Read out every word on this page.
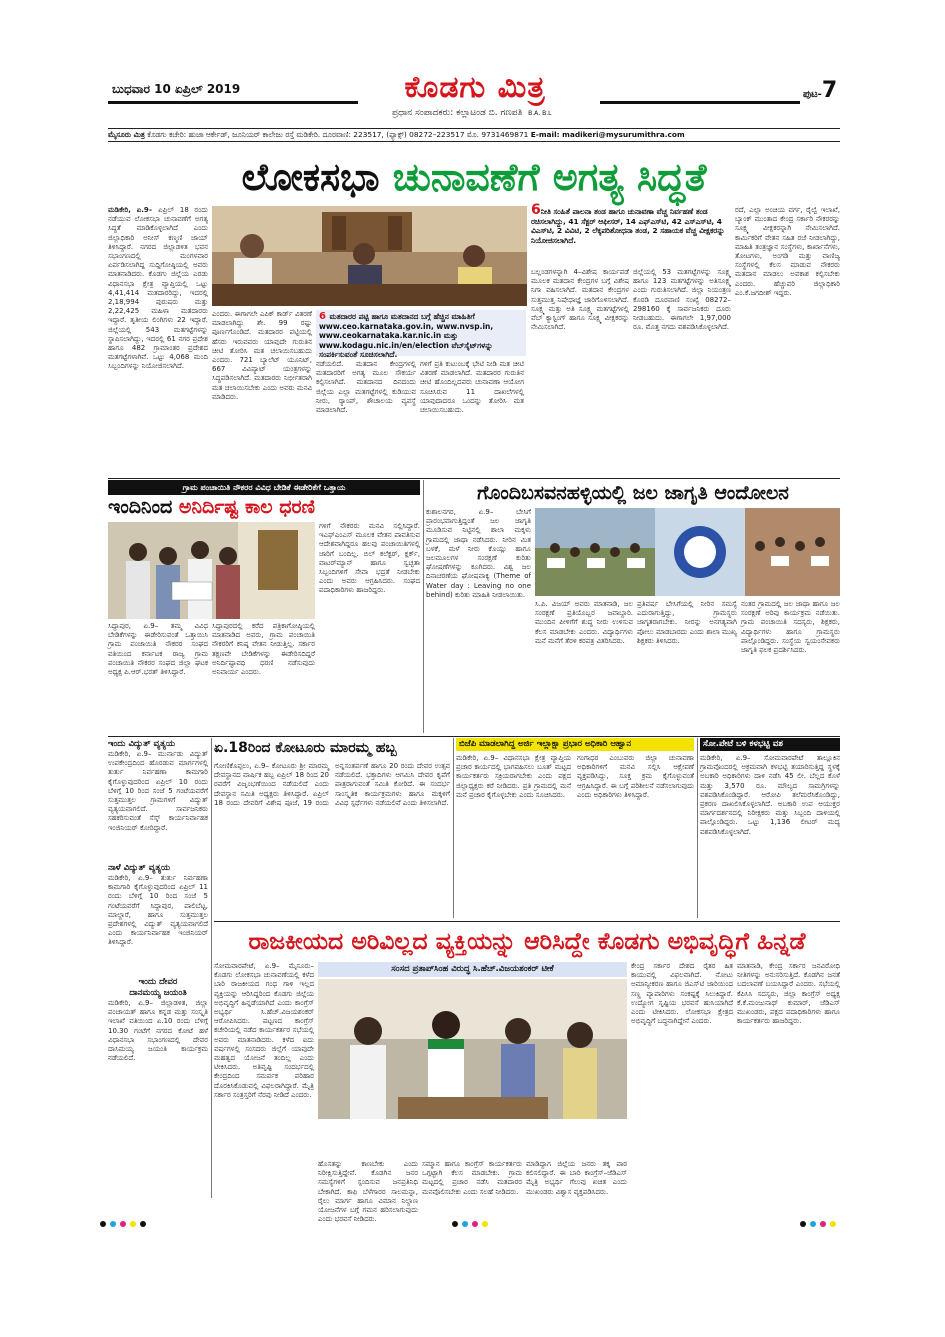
ಬುಧವಾರ 10 ಏಪ್ರಿಲ್ 2019	ಕೊಡಗು ಮಿತ್ರ
ಪ್ರಧಾನ ಸಂಪಾದಕರು: ಕಲ್ಲಾಟಂಡ ಬಿ. ಗಣಪತಿ B.A, B.L
ಪುಟ-7
ಮೈಸೂರು ಮಿತ್ರ ಕೊಡಗು ಕಚೇರಿ: ಹುಜಾ ಆರ್ಕೇಡ್, ಜೂನಿಯರ್ ಕಾಲೇಜು ರಸ್ತೆ ಮಡಿಕೇರಿ. ದೂರವಾಣಿ: 223517, (ಫ್ಯಾಕ್ಸ್) 08272–223517 ಮೊ. 9731469871 E-mail: madikeri@mysurumithra.com
ಲೋಕಸಭಾ ಚುನಾವಣೆಗೆ ಅಗತ್ಯ ಸಿದ್ಧತೆ
ಮಡಿಕೇರಿ, ಏ.9– ಏಪ್ರಿಲ್ 18 ರಂದು ನಡೆಯುವ ಲೋಕಸಭಾ ಚುನಾವಣೆಗೆ ಅಗತ್ಯ ಸಿದ್ಧತೆ ಮಾಡಿಕೊಳ್ಳಲಾಗಿದೆ ಎಂದು ಜಿಲ್ಲಾಧಿಕಾರಿ ಅನೀಸ್ ಕಣ್ಮಣಿ ಜಾಯ್ ತಿಳಿಸಿದ್ದಾರೆ. ನಗರದ ಜಿಲ್ಲಾಡಳಿತ ಭವನ ಸಭಾಂಗಣದಲ್ಲಿ ಮಂಗಳವಾರ ಏರ್ಪಡಿಸಲಾಗಿದ್ದ ಸುದ್ದಿಗೋಷ್ಠಿಯಲ್ಲಿ ಅವರು ಮಾತನಾಡಿದರು. ಕೊಡಗು ಜಿಲ್ಲೆಯ ಎರಡು ವಿಧಾನಸಭಾ ಕ್ಷೇತ್ರ ವ್ಯಾಪ್ತಿಯಲ್ಲಿ ಒಟ್ಟು 4,41,414 ಮತದಾರರಿದ್ದು, ಇದರಲ್ಲಿ 2,18,994 ಪುರುಷರು ಮತ್ತು 2,22,425 ಮಹಿಳಾ ಮತದಾರರು ಇದ್ದಾರೆ. ತೃತೀಯ ಲಿಂಗಿಗಳು 22 ಇದ್ದಾರೆ. ಜಿಲ್ಲೆಯಲ್ಲಿ 543 ಮತಗಟ್ಟೆಗಳನ್ನು ಸ್ಥಾಪಿಸಲಾಗಿದ್ದು, ಇದರಲ್ಲಿ 61 ನಗರ ಪ್ರದೇಶ ಹಾಗೂ 482 ಗ್ರಾಮಾಂತರ ಪ್ರದೇಶದ ಮತಗಟ್ಟೆಗಳಾಗಿವೆ. ಒಟ್ಟು 4,068 ಮಂದಿ ಸಿಬ್ಬಂದಿಗಳನ್ನು ನಿಯೋಜಿಸಲಾಗಿದೆ.
ಎಂದರು. ಈಗಾಗಲೇ ಎಪಿಕ್ ಕಾರ್ಡ್ ವಿತರಣೆ ಮಾಡಲಾಗಿದ್ದು ಶೇ. 99 ರಷ್ಟು ಪೂರ್ಣಗೊಂಡಿದೆ. ಮತದಾರರ ಪಟ್ಟಿಯಲ್ಲಿ ಹೆಸರು ಇರುವವರು ಯಾವುದೇ ಗುರುತಿನ ಚೀಟಿ ತೋರಿಸಿ ಮತ ಚಲಾಯಿಸಬಹುದು ಎಂದರು. 721 ಬ್ಯಾಲೆಟ್ ಯೂನಿಟ್, 667 ವಿವಿಪ್ಯಾಟ್ ಯಂತ್ರಗಳನ್ನು ಸಿದ್ಧಪಡಿಸಲಾಗಿದೆ. ಮತದಾರರು ನಿರ್ಭೀತರಾಗಿ ಮತ ಚಲಾಯಿಸಬೇಕು ಎಂದು ಅವರು ಮನವಿ ಮಾಡಿದರು.
6 ಮತದಾರರ ಪಟ್ಟಿ ಹಾಗೂ ಮತದಾನದ ಬಗ್ಗೆ ಹೆಚ್ಚಿನ ಮಾಹಿತಿಗೆ www.ceo.karnataka.gov.in, www.nvsp.in, www.ceokarnataka.kar.nic.in ಮತ್ತು www.kodagu.nic.in/en/election ವೆಬ್‌ಸೈಟ್‌ಗಳನ್ನು ಸಂಪರ್ಕಿಸುವಂತೆ ಸೂಚಿಸಲಾಗಿದೆ.
ನಡೆಯಲಿದೆ. ಮತದಾನ ಕೇಂದ್ರಗಳಲ್ಲಿ ಮತದಾರರಿಗೆ ಅಗತ್ಯ ಮೂಲ ಸೌಕರ್ಯ ಕಲ್ಪಿಸಲಾಗಿದೆ. ಮತದಾನದ ದಿನದಂದು ಜಿಲ್ಲೆಯ ಎಲ್ಲಾ ಮತಗಟ್ಟೆಗಳಲ್ಲಿ ಕುಡಿಯುವ ನೀರು, ರ‍್ಯಾಂಪ್, ಶೌಚಾಲಯ ವ್ಯವಸ್ಥೆ ಮಾಡಲಾಗಿದೆ.
ಗಳಿಗೆ ಪ್ರತಿ ಕುಟುಂಬಕ್ಕೆ ಭೇಟಿ ನೀಡಿ ಮತ ಚೀಟಿ ವಿತರಣೆ ಮಾಡಲಾಗಿದೆ. ಮತದಾರರ ಗುರುತಿನ ಚೀಟಿ ಹೊಂದಿಲ್ಲದವರು ಚುನಾವಣಾ ಆಯೋಗ ಸೂಚಿಸಿರುವ 11 ದಾಖಲೆಗಳಲ್ಲಿ ಯಾವುದಾದರೂ ಒಂದನ್ನು ತೋರಿಸಿ ಮತ ಚಲಾಯಿಸಬಹುದು.
6ನೀತಿ ಸಂಹಿತೆ ಪಾಲನಾ ತಂಡ ಹಾಗೂ ಚುನಾವಣಾ ವೆಚ್ಚ ನಿರ್ವಹಣೆ ತಂಡ ರಚಿಸಲಾಗಿದ್ದು, 41 ಸೆಕ್ಟರ್ ಆಫೀಸರ್, 14 ಎಫ್‌ಎಸ್‌ಟಿ, 42 ಎಸ್‌ಎಸ್‌ಟಿ, 4 ವಿಎಸ್‌ಟಿ, 2 ವಿವಿಟಿ, 2 ಲೆಕ್ಕಪರಿಶೋಧನಾ ತಂಡ, 2 ಸಹಾಯಕ ವೆಚ್ಚ ವೀಕ್ಷಕರನ್ನು ನಿಯೋಜಿಸಲಾಗಿದೆ.
ಬಲ್ಲಂಡಗಳನ್ನಾಗಿ 4–ವಿಶೇಷ ಕಾರ್ಯಪಡೆ ಮೂಲಕ ಮತದಾನ ಕೇಂದ್ರಗಳ ಬಗ್ಗೆ ವಿಶೇಷ ನಿಗಾ ವಹಿಸಲಾಗಿದೆ. ಮತದಾನ ಕೇಂದ್ರಗಳ ಸುತ್ತಮುತ್ತ ನಿಷೇಧಾಜ್ಞೆ ಜಾರಿಗೊಳಿಸಲಾಗಿದೆ. ಸೂಕ್ಷ್ಮ ಮತ್ತು ಅತಿ ಸೂಕ್ಷ್ಮ ಮತಗಟ್ಟೆಗಳಲ್ಲಿ ವೆಬ್ ಕ್ಯಾಸ್ಟಿಂಗ್ ಹಾಗೂ ಸೂಕ್ಷ್ಮ ವೀಕ್ಷಕರನ್ನು ನೇಮಿಸಲಾಗಿದೆ.
ಜಿಲ್ಲೆಯಲ್ಲಿ 53 ಮತಗಟ್ಟೆಗಳನ್ನು ಸೂಕ್ಷ್ಮ ಹಾಗೂ 123 ಮತಗಟ್ಟೆಗಳನ್ನು ಅತಿಸೂಕ್ಷ್ಮ ಎಂದು ಗುರುತಿಸಲಾಗಿದೆ. ಜಿಲ್ಲಾ ನಿಯಂತ್ರಣ ಕೊಠಡಿ ದೂರವಾಣಿ ಸಂಖ್ಯೆ 08272–298160 ಕ್ಕೆ ಸಾರ್ವಜನಿಕರು ದೂರು ನೀಡಬಹುದು. ಈಗಾಗಲೇ 1,97,000 ರೂ. ಮೊತ್ತ ನಗದು ವಶಪಡಿಸಿಕೊಳ್ಳಲಾಗಿದೆ.
ರದೆ, ಎಲ್ಲಾ ಅಂಚಿಯ ವರ್ಗ, ರೈಲ್ವೆ ಇಲಾಖೆ, ಬ್ಯಾಂಕ್ ಮುಂತಾದ ಕೇಂದ್ರ ಸರ್ಕಾರಿ ನೌಕರರನ್ನು ಸೂಕ್ಷ್ಮ ವೀಕ್ಷಕರನ್ನಾಗಿ ನೇಮಿಸಲಾಗಿದೆ. ಕಾರ್ಮಿಕರಿಗೆ ವೇತನ ಸಹಿತ ರಜೆ ನೀಡಲಾಗಿದ್ದು, ಮಾಹಿತಿ ತಂತ್ರಜ್ಞಾನ ಸಂಸ್ಥೆಗಳು, ಕಾರ್ಖಾನೆಗಳು, ತೋಟಗಳು, ಅಂಗಡಿ ಮತ್ತು ವಾಣಿಜ್ಯ ಸಂಸ್ಥೆಗಳಲ್ಲಿ ಕೆಲಸ ಮಾಡುವ ನೌಕರರು ಮತದಾನ ಮಾಡಲು ಅವಕಾಶ ಕಲ್ಪಿಸಬೇಕು ಎಂದರು. ಹೆಚ್ಚುವರಿ ಜಿಲ್ಲಾಧಿಕಾರಿ ಎಂ.ಕೆ.ಜಗದೀಶ್ ಇದ್ದರು.
ಗ್ರಾಮ ಪಂಚಾಯಿತಿ ನೌಕರರ ವಿವಿಧ ಬೇಡಿಕೆ ಈಡೇರಿಕೆಗೆ ಒತ್ತಾಯ
ಇಂದಿನಿಂದ ಅನಿರ್ದಿಷ್ಟ ಕಾಲ ಧರಣಿ
ಸಿದ್ದಾಪುರ, ಏ.9– ತಮ್ಮ ವಿವಿಧ ಬೇಡಿಕೆಗಳನ್ನು ಈಡೇರಿಸುವಂತೆ ಒತ್ತಾಯಿಸಿ ಗ್ರಾಮ ಪಂಚಾಯಿತಿ ನೌಕರರ ಸಂಘದ ವತಿಯಿಂದ ಕರ್ನಾಟಕ ರಾಜ್ಯ ಗ್ರಾಮ ಪಂಚಾಯಿತಿ ನೌಕರರ ಸಂಘದ ಜಿಲ್ಲಾ ಘಟಕ ಅಧ್ಯಕ್ಷ ಪಿ.ಆರ್.ಭರತ್ ತಿಳಿಸಿದ್ದಾರೆ.
ಸಿದ್ದಾಪುರದಲ್ಲಿ ಕರೆದ ಪತ್ರಿಕಾಗೋಷ್ಠಿಯಲ್ಲಿ ಮಾತನಾಡಿದ ಅವರು, ಗ್ರಾಮ ಪಂಚಾಯಿತಿ ನೌಕರರಿಗೆ ಕನಿಷ್ಠ ವೇತನ ನೀಡುತ್ತಿಲ್ಲ. ಸರ್ಕಾರ ತಕ್ಷಣವೇ ಬೇಡಿಕೆಗಳನ್ನು ಈಡೇರಿಸದಿದ್ದರೆ ಅನಿರ್ದಿಷ್ಟಾವಧಿ ಧರಣಿ ನಡೆಸುವುದು ಅನಿವಾರ್ಯ ಎಂದರು.
ಗಳಿಗೆ ನೌಕರರು ಮನವಿ ಸಲ್ಲಿಸಿದ್ದಾರೆ. ಇಎಫ್‌ಎಂಎಸ್ ಮೂಲಕ ವೇತನ ಪಾವತಿಸುವ ಆದೇಶವಾಗಿದ್ದರೂ ಹಲವು ಪಂಚಾಯಿತಿಗಳಲ್ಲಿ ಜಾರಿಗೆ ಬಂದಿಲ್ಲ. ಬಿಲ್ ಕಲೆಕ್ಟರ್, ಕ್ಲರ್ಕ್, ವಾಟರ್‌ಮ್ಯಾನ್ ಹಾಗೂ ಸ್ವಚ್ಛತಾ ಸಿಬ್ಬಂದಿಗಳಿಗೆ ಸೇವಾ ಭದ್ರತೆ ನೀಡಬೇಕು ಎಂದು ಅವರು ಆಗ್ರಹಿಸಿದರು. ಸಂಘದ ಪದಾಧಿಕಾರಿಗಳು ಹಾಜರಿದ್ದರು.
ಗೊಂದಿಬಸವನಹಳ್ಳಿಯಲ್ಲಿ ಜಲ ಜಾಗೃತಿ ಆಂದೋಲನ
ಕುಶಾಲನಗರ, ಏ.9– ಬೇಸಿಗೆ ಪ್ರಾರಂಭವಾಗುತ್ತಿದ್ದಂತೆ ಜಲ ಜಾಗೃತಿ ಮೂಡಿಸುವ ನಿಟ್ಟಿನಲ್ಲಿ ಶಾಲಾ ಮಕ್ಕಳು ಗ್ರಾಮದಲ್ಲಿ ಜಾಥಾ ನಡೆಸಿದರು. ನೀರಿನ ಮಿತ ಬಳಕೆ, ಮಳೆ ನೀರು ಕೊಯ್ಲು ಹಾಗೂ ಜಲಮೂಲಗಳ ಸಂರಕ್ಷಣೆ ಕುರಿತು ಘೋಷಣೆಗಳನ್ನು ಕೂಗಿದರು. ವಿಶ್ವ ಜಲ ದಿನಾಚರಣೆಯ ಘೋಷವಾಕ್ಯ (Theme of Water day : Leaving no one behind) ಕುರಿತು ಮಾಹಿತಿ ನೀಡಲಾಯಿತು.
ಸಿ.ಪಿ. ವಿಜಯ್ ಅವರು ಮಾತನಾಡಿ, ಜಲ ಸಂರಕ್ಷಣೆ ಪ್ರತಿಯೊಬ್ಬರ ಜವಾಬ್ದಾರಿ. ಮುಂದಿನ ಪೀಳಿಗೆಗೆ ಶುದ್ಧ ನೀರು ಉಳಿಸುವ ಕೆಲಸ ಮಾಡಬೇಕು ಎಂದರು. ವಿದ್ಯಾರ್ಥಿಗಳು ಮನೆ ಮನೆಗೆ ತೆರಳಿ ಕರಪತ್ರ ವಿತರಿಸಿದರು.
ಪ್ರತಿವರ್ಷ ಬೇಸಿಗೆಯಲ್ಲಿ ನೀರಿನ ಸಮಸ್ಯೆ ಎದುರಾಗುತ್ತಿದ್ದು, ಗ್ರಾಮಸ್ಥರು ಜಾಗೃತರಾಗಬೇಕು. ನೀರನ್ನು ಅನಗತ್ಯವಾಗಿ ಪೋಲು ಮಾಡಬಾರದು ಎಂದು ಶಾಲಾ ಮುಖ್ಯ ಶಿಕ್ಷಕರು ತಿಳಿಸಿದರು.
ನಂತರ ಗ್ರಾಮದಲ್ಲಿ ಜಲ ಜಾಥಾ ಹಾಗೂ ಜಲ ಸಂರಕ್ಷಣೆ ಅರಿವು ಕಾರ್ಯಕ್ರಮ ನಡೆಯಿತು. ಗ್ರಾಮ ಪಂಚಾಯಿತಿ ಸದಸ್ಯರು, ಶಿಕ್ಷಕರು, ವಿದ್ಯಾರ್ಥಿಗಳು ಹಾಗೂ ಗ್ರಾಮಸ್ಥರು ಪಾಲ್ಗೊಂಡಿದ್ದರು. ಸಂಸ್ಥೆಯ ಸ್ವಯಂಸೇವಕರು ಜಾಗೃತಿ ಫಲಕ ಪ್ರದರ್ಶಿಸಿದರು.
ಇಂದು ವಿದ್ಯುತ್ ವ್ಯತ್ಯಯ
ಮಡಿಕೇರಿ, ಏ.9– ಮುರ್ನಾಡು ವಿದ್ಯುತ್ ಉಪಕೇಂದ್ರದಿಂದ ಹೊರಡುವ ಮಾರ್ಗಗಳಲ್ಲಿ ತುರ್ತು ನಿರ್ವಹಣಾ ಕಾಮಗಾರಿ ಕೈಗೊಳ್ಳುವುದರಿಂದ ಏಪ್ರಿಲ್ 10 ರಂದು ಬೆಳಿಗ್ಗೆ 10 ರಿಂದ ಸಂಜೆ 5 ಗಂಟೆಯವರೆಗೆ ಸುತ್ತಮುತ್ತಲ ಗ್ರಾಮಗಳಿಗೆ ವಿದ್ಯುತ್ ವ್ಯತ್ಯಯವಾಗಲಿದೆ. ಸಾರ್ವಜನಿಕರು ಸಹಕರಿಸುವಂತೆ ಸೆಸ್ಕ್ ಕಾರ್ಯನಿರ್ವಾಹಕ ಇಂಜಿನಿಯರ್ ಕೋರಿದ್ದಾರೆ.
ನಾಳೆ ವಿದ್ಯುತ್ ವ್ಯತ್ಯಯ
ಮಡಿಕೇರಿ, ಏ.9– ತುರ್ತು ನಿರ್ವಹಣಾ ಕಾಮಗಾರಿ ಕೈಗೊಳ್ಳುವುದರಿಂದ ಏಪ್ರಿಲ್ 11 ರಂದು ಬೆಳಿಗ್ಗೆ 10 ರಿಂದ ಸಂಜೆ 5 ಗಂಟೆಯವರೆಗೆ ಸಿದ್ದಾಪುರ, ಪಾಲಿಬೆಟ್ಟ, ಮಾಲ್ದಾರೆ, ಹಾಗೂ ಸುತ್ತಮುತ್ತಲ ಪ್ರದೇಶಗಳಲ್ಲಿ ವಿದ್ಯುತ್ ವ್ಯತ್ಯಯವಾಗಲಿದೆ ಎಂದು ಕಾರ್ಯನಿರ್ವಾಹಕ ಇಂಜಿನಿಯರ್ ತಿಳಿಸಿದ್ದಾರೆ.
ಇಂದು ದೇವರ
ದಾನಮಯ್ಯ ಜಯಂತಿ
ಮಡಿಕೇರಿ, ಏ.9– ಜಿಲ್ಲಾಡಳಿತ, ಜಿಲ್ಲಾ ಪಂಚಾಯತ್ ಹಾಗೂ ಕನ್ನಡ ಮತ್ತು ಸಂಸ್ಕೃತಿ ಇಲಾಖೆ ವತಿಯಿಂದ ಏ.10 ರಂದು ಬೆಳಿಗ್ಗೆ 10.30 ಗಂಟೆಗೆ ನಗರದ ಕೋಟೆ ಹಳೆ ವಿಧಾನಸಭಾ ಸಭಾಂಗಣದಲ್ಲಿ ದೇವರ ದಾಸಿಮಯ್ಯ ಜಯಂತಿ ಕಾರ್ಯಕ್ರಮ ನಡೆಯಲಿದೆ.
ಏ.18ರಿಂದ ಕೋಟೂರು ಮಾರಮ್ಮ ಹಬ್ಬ
ಗೋಣಿಕೊಪ್ಪಲು, ಏ.9– ಕೋಟೂರು ಶ್ರೀ ಮಾರಮ್ಮ ದೇವಸ್ಥಾನದ ವಾರ್ಷಿಕ ಹಬ್ಬ ಏಪ್ರಿಲ್ 18 ರಿಂದ 20 ರವರೆಗೆ ವಿಜೃಂಭಣೆಯಿಂದ ನಡೆಯಲಿದೆ ಎಂದು ದೇವಸ್ಥಾನ ಸಮಿತಿ ಅಧ್ಯಕ್ಷರು ತಿಳಿಸಿದ್ದಾರೆ. ಏಪ್ರಿಲ್ 18 ರಂದು ದೇವರಿಗೆ ವಿಶೇಷ ಪೂಜೆ, 19 ರಂದು ಅನ್ನಸಂತರ್ಪಣೆ ಹಾಗೂ 20 ರಂದು ದೇವರ ಉತ್ಸವ ನಡೆಯಲಿದೆ. ಭಕ್ತಾದಿಗಳು ಆಗಮಿಸಿ ದೇವರ ಕೃಪೆಗೆ ಪಾತ್ರರಾಗುವಂತೆ ಸಮಿತಿ ಕೋರಿದೆ. ಈ ಸಂದರ್ಭ ಸಾಂಸ್ಕೃತಿಕ ಕಾರ್ಯಕ್ರಮಗಳು ಹಾಗೂ ಮಕ್ಕಳಿಗೆ ವಿವಿಧ ಸ್ಪರ್ಧೆಗಳು ನಡೆಯಲಿವೆ ಎಂದು ತಿಳಿಸಲಾಗಿದೆ.
ಬಿಜೆಪಿ ಮಾಡಲಾಗಿದ್ದ ಅರ್ಜಿ ಇಲ್ಲಾಕ್ಷಾ ಪ್ರಭಾರ ಅಧಿಕಾರಿ ಆಹ್ವಾನ
ಮಡಿಕೇರಿ, ಏ.9– ವಿಧಾನಸಭಾ ಕ್ಷೇತ್ರ ವ್ಯಾಪ್ತಿಯ ಪ್ರಚಾರ ಕಾರ್ಯದಲ್ಲಿ ಭಾಗವಹಿಸಲು ಬೂತ್ ಮಟ್ಟದ ಕಾರ್ಯಕರ್ತರು ಸಕ್ರಿಯರಾಗಬೇಕು ಎಂದು ಪಕ್ಷದ ಜಿಲ್ಲಾಧ್ಯಕ್ಷರು ಕರೆ ನೀಡಿದರು. ಪ್ರತಿ ಗ್ರಾಮದಲ್ಲಿ ಮನೆ ಮನೆ ಪ್ರಚಾರ ಕೈಗೊಳ್ಳಬೇಕು ಎಂದು ಸೂಚಿಸಿದರು.
ಗಂಗಾಧರ ಎಂಬುವರು ಜಿಲ್ಲಾ ಚುನಾವಣಾ ಅಧಿಕಾರಿಗಳಿಗೆ ಮನವಿ ಸಲ್ಲಿಸಿ ಆಕ್ಷೇಪಣೆ ವ್ಯಕ್ತಪಡಿಸಿದ್ದು, ಸೂಕ್ತ ಕ್ರಮ ಕೈಗೊಳ್ಳುವಂತೆ ಆಗ್ರಹಿಸಿದ್ದಾರೆ. ಈ ಬಗ್ಗೆ ಪರಿಶೀಲನೆ ನಡೆಸಲಾಗುವುದು ಎಂದು ಅಧಿಕಾರಿಗಳು ತಿಳಿಸಿದ್ದಾರೆ.
ಸೋ.ಪೇಟೆ ಬಳಿ ಕಳಭಟ್ಟಿ ವಶ
ಮಡಿಕೇರಿ, ಏ.9– ಸೋಮವಾರಪೇಟೆ ತಾಲ್ಲೂಕಿನ ಗ್ರಾಮವೊಂದರಲ್ಲಿ ಅಕ್ರಮವಾಗಿ ಕಳಭಟ್ಟಿ ತಯಾರಿಸುತ್ತಿದ್ದ ಸ್ಥಳಕ್ಕೆ ಅಬಕಾರಿ ಅಧಿಕಾರಿಗಳು ದಾಳಿ ನಡೆಸಿ 45 ಲೀ. ಬೆಲ್ಲದ ಕೊಳೆ ಮತ್ತು 3,570 ರೂ. ಮೌಲ್ಯದ ಸಾಮಗ್ರಿಗಳನ್ನು ವಶಪಡಿಸಿಕೊಂಡಿದ್ದಾರೆ. ಆರೋಪಿ ತಲೆಮರೆಸಿಕೊಂಡಿದ್ದು, ಪ್ರಕರಣ ದಾಖಲಿಸಿಕೊಳ್ಳಲಾಗಿದೆ. ಅಬಕಾರಿ ಉಪ ಆಯುಕ್ತರ ಮಾರ್ಗದರ್ಶನದಲ್ಲಿ ನಿರೀಕ್ಷಕರು ಮತ್ತು ಸಿಬ್ಬಂದಿ ದಾಳಿಯಲ್ಲಿ ಪಾಲ್ಗೊಂಡಿದ್ದರು. ಒಟ್ಟು 1,136 ಲೀಟರ್ ಮದ್ಯ ವಶಪಡಿಸಿಕೊಳ್ಳಲಾಗಿದೆ.
ರಾಜಕೀಯದ ಅರಿವಿಲ್ಲದ ವ್ಯಕ್ತಿಯನ್ನು ಆರಿಸಿದ್ದೇ ಕೊಡಗು ಅಭಿವೃದ್ಧಿಗೆ ಹಿನ್ನಡೆ
ಸೋಮವಾರಪೇಟೆ, ಏ.9– ಮೈಸೂರು–ಕೊಡಗು ಲೋಕಸಭಾ ಚುನಾವಣೆಯಲ್ಲಿ ಕಳೆದ ಬಾರಿ ರಾಜಕೀಯದ ಗಂಧ ಗಾಳಿ ಇಲ್ಲದ ವ್ಯಕ್ತಿಯನ್ನು ಆರಿಸಿದ್ದರಿಂದ ಕೊಡಗು ಜಿಲ್ಲೆಯ ಅಭಿವೃದ್ಧಿಗೆ ಹಿನ್ನಡೆಯಾಗಿದೆ ಎಂದು ಕಾಂಗ್ರೆಸ್ ಅಭ್ಯರ್ಥಿ ಸಿ.ಹೆಚ್.ವಿಜಯಶಂಕರ್ ಆರೋಪಿಸಿದರು. ಪಟ್ಟಣದ ಕಾಂಗ್ರೆಸ್ ಕಚೇರಿಯಲ್ಲಿ ನಡೆದ ಕಾರ್ಯಕರ್ತರ ಸಭೆಯಲ್ಲಿ ಅವರು ಮಾತನಾಡಿದರು. ಕಳೆದ ಐದು ವರ್ಷಗಳಲ್ಲಿ ಸಂಸದರು ಜಿಲ್ಲೆಗೆ ಯಾವುದೇ ಮಹತ್ವದ ಯೋಜನೆ ತಂದಿಲ್ಲ ಎಂದು ಟೀಕಿಸಿದರು. ಅತಿವೃಷ್ಟಿ ಸಂದರ್ಭದಲ್ಲಿ ಕೇಂದ್ರದಿಂದ ಸಮರ್ಪಕ ಪರಿಹಾರ ದೊರಕಿಸಿಕೊಡುವಲ್ಲಿ ವಿಫಲರಾಗಿದ್ದಾರೆ. ಮೈತ್ರಿ ಸರ್ಕಾರ ಸಂತ್ರಸ್ತರಿಗೆ ನೆರವು ನೀಡಿದೆ ಎಂದರು.
ಸಂಸದ ಪ್ರತಾಪ್‌ಸಿಂಹ ವಿರುದ್ಧ ಸಿ.ಹೆಚ್.ವಿಜಯಶಂಕರ್ ಟೀಕೆ
ಹೊಸತನ್ನು ಕಾಣಬೇಕು ಎಂದು ನಿರೀಕ್ಷಿಸುತ್ತಿದ್ದೇವೆ. ಕೊಡಗಿನ ಜನರ ಸಮಸ್ಯೆಗಳಿಗೆ ಸ್ಪಂದಿಸುವ ಜನಪ್ರತಿನಿಧಿ ಬೇಕಾಗಿದೆ. ಕಾಫಿ ಬೆಳೆಗಾರರ ಸಾಲಮನ್ನಾ, ರೈಲು ಮಾರ್ಗ ಹಾಗೂ ವಿಮಾನ ನಿಲ್ದಾಣ ಯೋಜನೆಗಳ ಬಗ್ಗೆ ಗಮನ ಹರಿಸಲಾಗುವುದು ಎಂದು ಭರವಸೆ ನೀಡಿದರು.
ಸಮ್ಮಾನ ಹಾಗೂ ಕಾಂಗ್ರೆಸ್ ಕಾರ್ಯಕರ್ತರು ಒಗ್ಗಟ್ಟಾಗಿ ಕೆಲಸ ಮಾಡಬೇಕು. ಗ್ರಾಮ ಮಟ್ಟದಲ್ಲಿ ಪ್ರಚಾರ ನಡೆಸಿ ಮತದಾರರ ಮನವೊಲಿಸಬೇಕು ಎಂದು ಸಲಹೆ ನೀಡಿದರು.
ಮಾಡಿದ್ದಾಗ ಜಿಲ್ಲೆಯ ಜನರು ತಕ್ಕ ಪಾಠ ಕಲಿಸಲಿದ್ದಾರೆ. ಈ ಬಾರಿ ಕಾಂಗ್ರೆಸ್–ಜೆಡಿಎಸ್ ಮೈತ್ರಿ ಅಭ್ಯರ್ಥಿ ಗೆಲುವು ಖಚಿತ ಎಂದು ಮುಖಂಡರು ವಿಶ್ವಾಸ ವ್ಯಕ್ತಪಡಿಸಿದರು.
ಕೇಂದ್ರ ಸರ್ಕಾರ ದೇಶದ ರೈತರ ಹಿತ ಕಾಯುವಲ್ಲಿ ವಿಫಲವಾಗಿದೆ. ನೋಟು ಅಮಾನ್ಯೀಕರಣ ಹಾಗೂ ಜಿಎಸ್‌ಟಿ ಜಾರಿಯಿಂದ ಸಣ್ಣ ವ್ಯಾಪಾರಿಗಳು ಸಂಕಷ್ಟಕ್ಕೆ ಸಿಲುಕಿದ್ದಾರೆ. ಉದ್ಯೋಗ ಸೃಷ್ಟಿಯ ಭರವಸೆ ಹುಸಿಯಾಗಿದೆ ಎಂದು ಟೀಕಿಸಿದರು. ಲೋಕಸಭಾ ಕ್ಷೇತ್ರದ ಅಭಿವೃದ್ಧಿಗೆ ಬದ್ಧನಾಗಿದ್ದೇನೆ ಎಂದರು.
ಮಾತನಾಡಿ, ಕೇಂದ್ರ ಸರ್ಕಾರ ಜನವಿರೋಧಿ ನೀತಿಗಳನ್ನು ಅನುಸರಿಸುತ್ತಿದೆ. ಕೊಡಗಿನ ಜನತೆ ಬದಲಾವಣೆ ಬಯಸಿದ್ದಾರೆ ಎಂದರು. ಸಭೆಯಲ್ಲಿ ಕೆಪಿಸಿಸಿ ಸದಸ್ಯರು, ಜಿಲ್ಲಾ ಕಾಂಗ್ರೆಸ್ ಅಧ್ಯಕ್ಷ ಕೆ.ಕೆ.ಮಂಜುನಾಥ್ ಕುಮಾರ್, ಜೆಡಿಎಸ್ ಮುಖಂಡರು, ಪಕ್ಷದ ಪದಾಧಿಕಾರಿಗಳು ಹಾಗೂ ಕಾರ್ಯಕರ್ತರು ಹಾಜರಿದ್ದರು.
